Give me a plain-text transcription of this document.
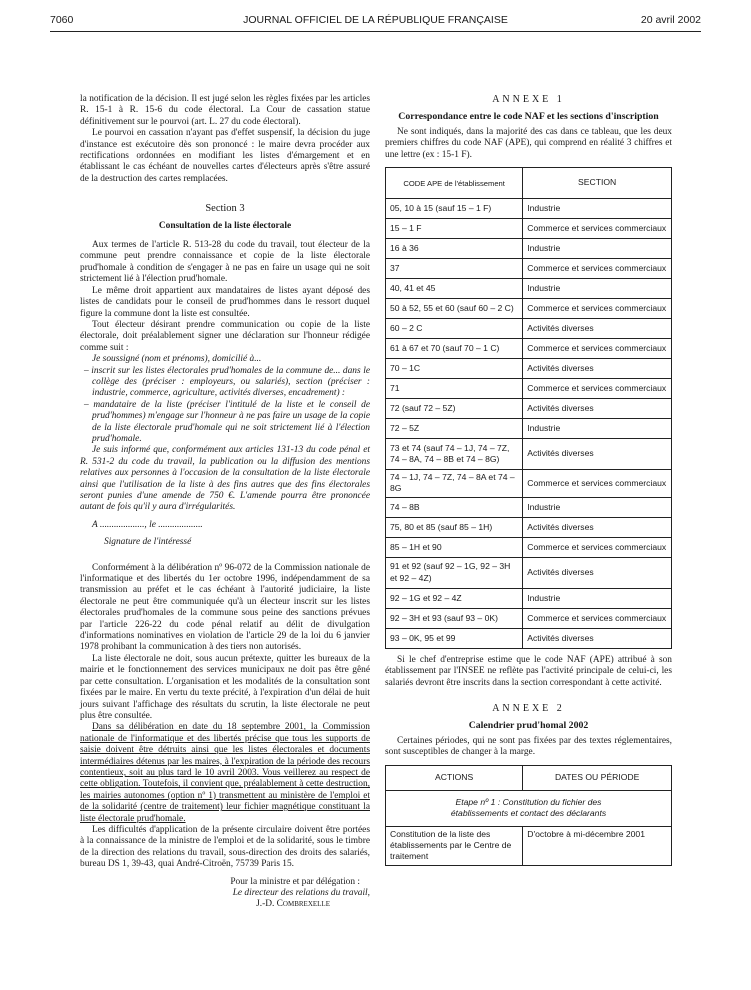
7060	JOURNAL OFFICIEL DE LA RÉPUBLIQUE FRANÇAISE	20 avril 2002

la notification de la décision. Il est jugé selon les règles fixées par les articles R. 15-1 à R. 15-6 du code électoral. La Cour de cassation statue définitivement sur le pourvoi (art. L. 27 du code électoral).

Le pourvoi en cassation n'ayant pas d'effet suspensif, la décision du juge d'instance est exécutoire dès son prononcé : le maire devra procéder aux rectifications ordonnées en modifiant les listes d'émargement et en établissant le cas échéant de nouvelles cartes d'électeurs après s'être assuré de la destruction des cartes remplacées.

Section 3

Consultation de la liste électorale

Aux termes de l'article R. 513-28 du code du travail, tout électeur de la commune peut prendre connaissance et copie de la liste électorale prud'homale à condition de s'engager à ne pas en faire un usage qui ne soit strictement lié à l'élection prud'homale.

Le même droit appartient aux mandataires de listes ayant déposé des listes de candidats pour le conseil de prud'hommes dans le ressort duquel figure la commune dont la liste est consultée.

Tout électeur désirant prendre communication ou copie de la liste électorale, doit préalablement signer une déclaration sur l'honneur rédigée comme suit :

Je soussigné (nom et prénoms), domicilié à...

– inscrit sur les listes électorales prud'homales de la commune de... dans le collège des (préciser : employeurs, ou salariés), section (préciser : industrie, commerce, agriculture, activités diverses, encadrement) :

– mandataire de la liste (préciser l'intitulé de la liste et le conseil de prud'hommes) m'engage sur l'honneur à ne pas faire un usage de la copie de la liste électorale prud'homale qui ne soit strictement lié à l'élection prud'homale.

Je suis informé que, conformément aux articles 131-13 du code pénal et R. 531-2 du code du travail, la publication ou la diffusion des mentions relatives aux personnes à l'occasion de la consultation de la liste électorale ainsi que l'utilisation de la liste à des fins autres que des fins électorales seront punies d'une amende de 750 €. L'amende pourra être prononcée autant de fois qu'il y aura d'irrégularités.

A ..................., le ...................

Signature de l'intéressé

Conformément à la délibération nº 96-072 de la Commission nationale de l'informatique et des libertés du 1er octobre 1996, indépendamment de sa transmission au préfet et le cas échéant à l'autorité judiciaire, la liste électorale ne peut être communiquée qu'à un électeur inscrit sur les listes électorales prud'homales de la commune sous peine des sanctions prévues par l'article 226-22 du code pénal relatif au délit de divulgation d'informations nominatives en violation de l'article 29 de la loi du 6 janvier 1978 prohibant la communication à des tiers non autorisés.

La liste électorale ne doit, sous aucun prétexte, quitter les bureaux de la mairie et le fonctionnement des services municipaux ne doit pas être gêné par cette consultation. L'organisation et les modalités de la consultation sont fixées par le maire. En vertu du texte précité, à l'expiration d'un délai de huit jours suivant l'affichage des résultats du scrutin, la liste électorale ne peut plus être consultée.

Dans sa délibération en date du 18 septembre 2001, la Commission nationale de l'informatique et des libertés précise que tous les supports de saisie doivent être détruits ainsi que les listes électorales et documents intermédiaires détenus par les maires, à l'expiration de la période des recours contentieux, soit au plus tard le 10 avril 2003. Vous veillerez au respect de cette obligation. Toutefois, il convient que, préalablement à cette destruction, les mairies autonomes (option nº 1) transmettent au ministère de l'emploi et de la solidarité (centre de traitement) leur fichier magnétique constituant la liste électorale prud'homale.

Les difficultés d'application de la présente circulaire doivent être portées à la connaissance de la ministre de l'emploi et de la solidarité, sous le timbre de la direction des relations du travail, sous-direction des droits des salariés, bureau DS 1, 39-43, quai André-Citroën, 75739 Paris 15.

Pour la ministre et par délégation :

Le directeur des relations du travail,

J.-D. Combrexelle

ANNEXE 1
Correspondance entre le code NAF et les sections d'inscription

Ne sont indiqués, dans la majorité des cas dans ce tableau, que les deux premiers chiffres du code NAF (APE), qui comprend en réalité 3 chiffres et une lettre (ex : 15-1 F).

CODE APE de l'établissement	SECTION
05, 10 à 15 (sauf 15 – 1 F)	Industrie
15 – 1 F	Commerce et services commerciaux
16 à 36	Industrie
37	Commerce et services commerciaux
40, 41 et 45	Industrie
50 à 52, 55 et 60 (sauf 60 – 2 C)	Commerce et services commerciaux
60 – 2 C	Activités diverses
61 à 67 et 70 (sauf 70 – 1 C)	Commerce et services commerciaux
70 – 1C	Activités diverses
71	Commerce et services commerciaux
72 (sauf 72 – 5Z)	Activités diverses
72 – 5Z	Industrie
73 et 74 (sauf 74 – 1J, 74 – 7Z, 74 – 8A, 74 – 8B et 74 – 8G)	Activités diverses
74 – 1J, 74 – 7Z, 74 – 8A et 74 – 8G	Commerce et services commerciaux
74 – 8B	Industrie
75, 80 et 85 (sauf 85 – 1H)	Activités diverses
85 – 1H et 90	Commerce et services commerciaux
91 et 92 (sauf 92 – 1G, 92 – 3H et 92 – 4Z)	Activités diverses
92 – 1G et 92 – 4Z	Industrie
92 – 3H et 93 (sauf 93 – 0K)	Commerce et services commerciaux
93 – 0K, 95 et 99	Activités diverses

Si le chef d'entreprise estime que le code NAF (APE) attribué à son établissement par l'INSEE ne reflète pas l'activité principale de celui-ci, les salariés devront être inscrits dans la section correspondant à cette activité.

ANNEXE 2
Calendrier prud'homal 2002

Certaines périodes, qui ne sont pas fixées par des textes réglementaires, sont susceptibles de changer à la marge.

ACTIONS	DATES OU PÉRIODE
Etape nº 1 : Constitution du fichier des établissements et contact des déclarants	
Constitution de la liste des établissements par le Centre de traitement	D'octobre à mi-décembre 2001
